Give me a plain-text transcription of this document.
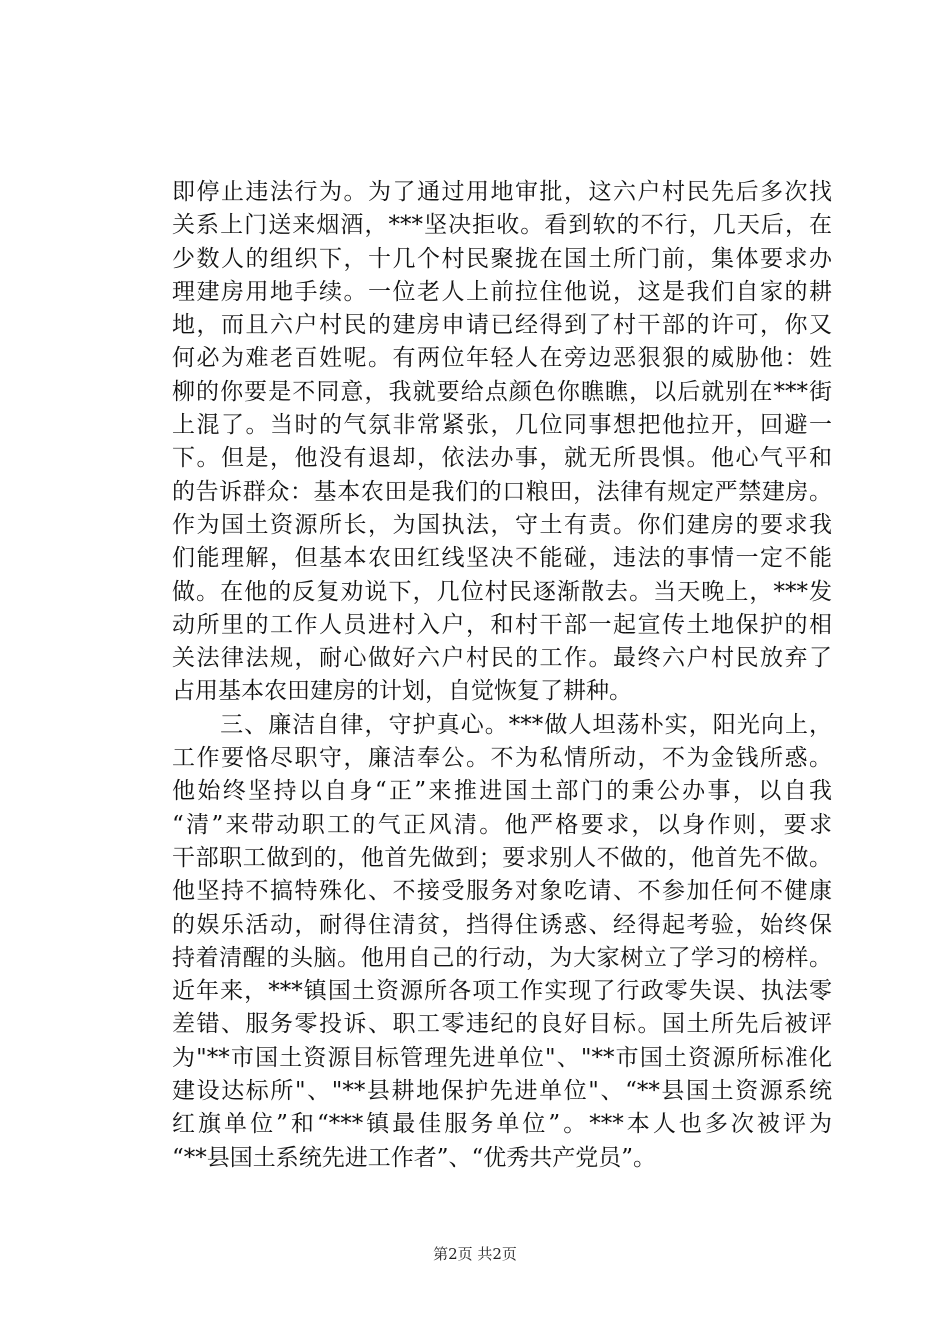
即停止违法行为。为了通过用地审批，这六户村民先后多次找
关系上门送来烟酒，***坚决拒收。看到软的不行，几天后，在
少数人的组织下，十几个村民聚拢在国土所门前，集体要求办
理建房用地手续。一位老人上前拉住他说，这是我们自家的耕
地，而且六户村民的建房申请已经得到了村干部的许可，你又
何必为难老百姓呢。有两位年轻人在旁边恶狠狠的威胁他：姓
柳的你要是不同意，我就要给点颜色你瞧瞧，以后就别在***街
上混了。当时的气氛非常紧张，几位同事想把他拉开，回避一
下。但是，他没有退却，依法办事，就无所畏惧。他心气平和
的告诉群众：基本农田是我们的口粮田，法律有规定严禁建房。
作为国土资源所长，为国执法，守土有责。你们建房的要求我
们能理解，但基本农田红线坚决不能碰，违法的事情一定不能
做。在他的反复劝说下，几位村民逐渐散去。当天晚上，***发
动所里的工作人员进村入户，和村干部一起宣传土地保护的相
关法律法规，耐心做好六户村民的工作。最终六户村民放弃了
占用基本农田建房的计划，自觉恢复了耕种。
　　三、廉洁自律，守护真心。***做人坦荡朴实，阳光向上，
工作要恪尽职守，廉洁奉公。不为私情所动，不为金钱所惑。
他始终坚持以自身“正”来推进国土部门的秉公办事，以自我
“清”来带动职工的气正风清。他严格要求，以身作则，要求
干部职工做到的，他首先做到；要求别人不做的，他首先不做。
他坚持不搞特殊化、不接受服务对象吃请、不参加任何不健康
的娱乐活动，耐得住清贫，挡得住诱惑、经得起考验，始终保
持着清醒的头脑。他用自己的行动，为大家树立了学习的榜样。
近年来，***镇国土资源所各项工作实现了行政零失误、执法零
差错、服务零投诉、职工零违纪的良好目标。国土所先后被评
为"**市国土资源目标管理先进单位"、"**市国土资源所标准化
建设达标所"、"**县耕地保护先进单位"、“**县国土资源系统
红旗单位”和“***镇最佳服务单位”。***本人也多次被评为
“**县国土系统先进工作者”、“优秀共产党员”。
第2页 共2页
